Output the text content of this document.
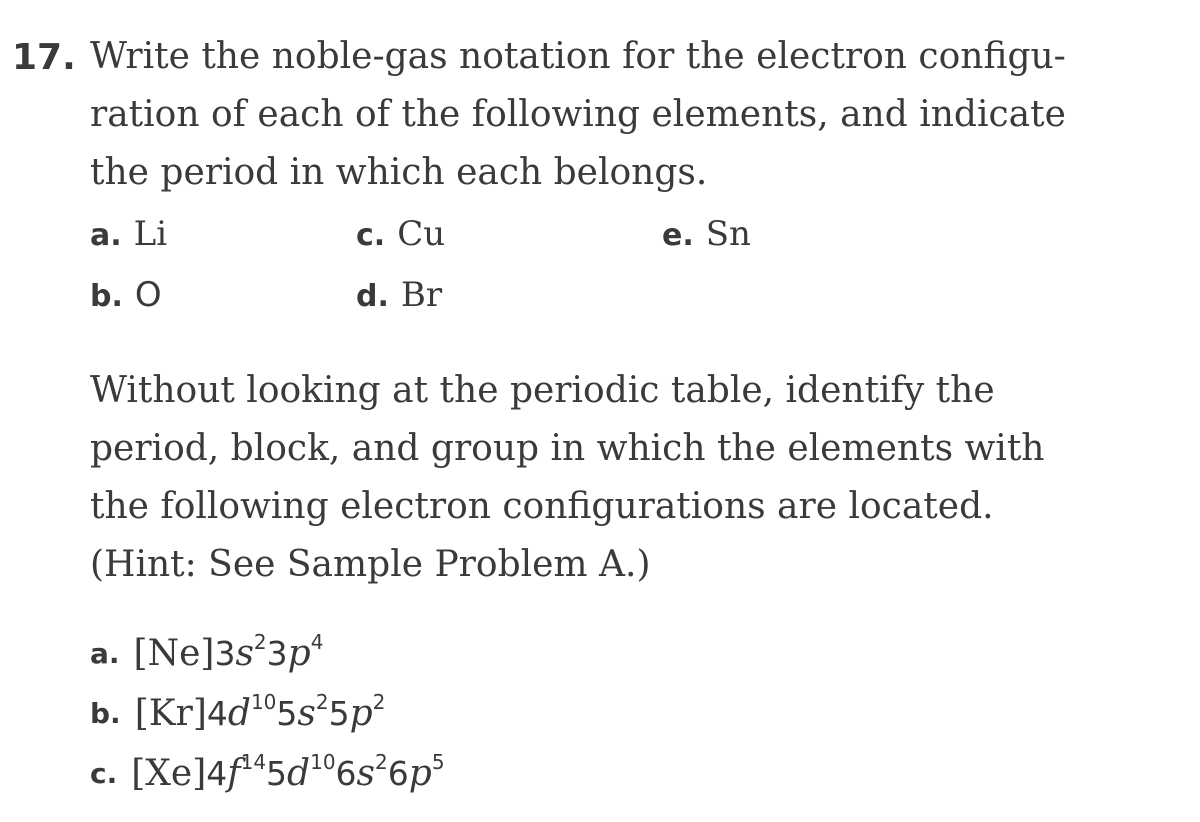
17. Write the noble-gas notation for the electron configu-
ration of each of the following elements, and indicate
the period in which each belongs.

a. Li
b. O
c. Cu
d. Br
e. Sn

Without looking at the periodic table, identify the
period, block, and group in which the elements with
the following electron configurations are located.
(Hint: See Sample Problem A.)

a. $[Ne]3s^23p^4$
b. $[Kr]4d^{10}5s^25p^2$
c. $[Xe]4f^{14}5d^{10}6s^26p^5$
